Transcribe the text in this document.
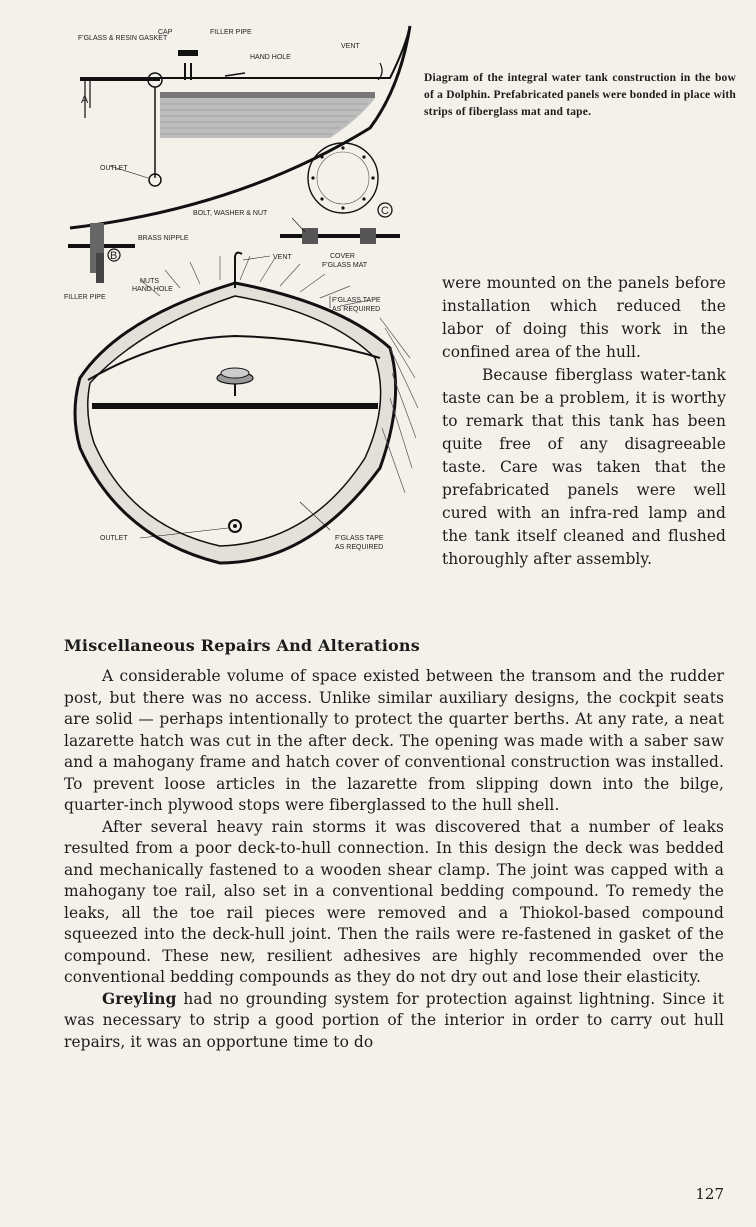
F'GLASS & RESIN GASKET
CAP	FILLER PIPE
HAND HOLE
VENT
A
OUTLET
BOLT, WASHER & NUT	C
BRASS NIPPLE
B	VENT	COVER
F'GLASS MAT
NUTS
HAND HOLE
FILLER PIPE	F'GLASS TAPE
AS REQUIRED
OUTLET	F'GLASS TAPE
AS REQUIRED
Diagram of the integral water tank construction in the bow of a Dolphin. Prefabricated panels were bonded in place with strips of fiberglass mat and tape.

were mounted on the panels before installation which reduced the labor of doing this work in the confined area of the hull.

Because fiberglass water-tank taste can be a problem, it is worthy to remark that this tank has been quite free of any disagreeable taste. Care was taken that the prefabricated panels were well cured with an infra-red lamp and the tank itself cleaned and flushed thoroughly after assembly.

Miscellaneous Repairs And Alterations

A considerable volume of space existed between the transom and the rudder post, but there was no access. Unlike similar auxiliary designs, the cockpit seats are solid — perhaps intentionally to protect the quarter berths. At any rate, a neat lazarette hatch was cut in the after deck. The opening was made with a saber saw and a mahogany frame and hatch cover of conventional construction was installed. To prevent loose articles in the lazarette from slipping down into the bilge, quarter-inch plywood stops were fiberglassed to the hull shell.

After several heavy rain storms it was discovered that a number of leaks resulted from a poor deck-to-hull connection. In this design the deck was bedded and mechanically fastened to a wooden shear clamp. The joint was capped with a mahogany toe rail, also set in a conventional bedding compound. To remedy the leaks, all the toe rail pieces were removed and a Thiokol-based compound squeezed into the deck-hull joint. Then the rails were re-fastened in gasket of the compound. These new, resilient adhesives are highly recommended over the conventional bedding compounds as they do not dry out and lose their elasticity.

Greyling had no grounding system for protection against lightning. Since it was necessary to strip a good portion of the interior in order to carry out hull repairs, it was an opportune time to do

127
